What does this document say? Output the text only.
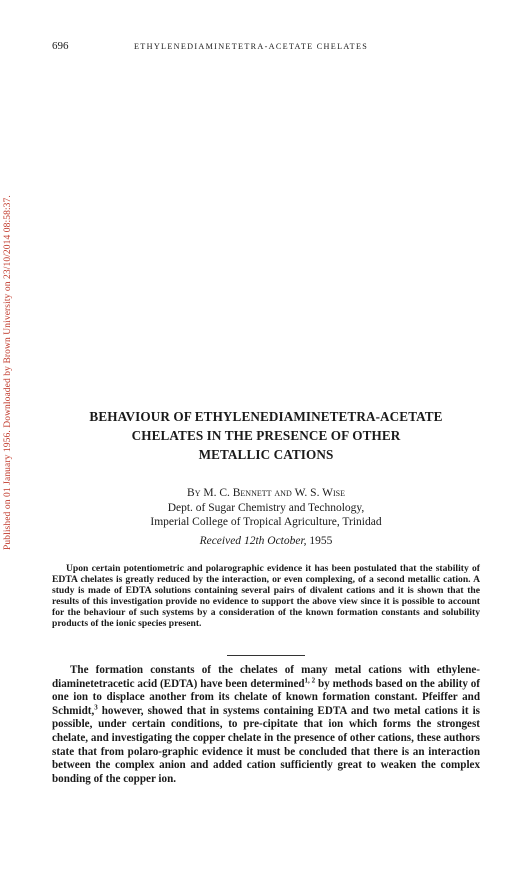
Published on 01 January 1956. Downloaded by Brown University on 23/10/2014 08:58:37.
696	ETHYLENEDIAMINETETRA-ACETATE CHELATES
BEHAVIOUR OF ETHYLENEDIAMINETETRA-ACETATE
CHELATES IN THE PRESENCE OF OTHER
METALLIC CATIONS
By M. C. Bennett and W. S. Wise
Dept. of Sugar Chemistry and Technology,
Imperial College of Tropical Agriculture, Trinidad
Received 12th October, 1955
Upon certain potentiometric and polarographic evidence it has been postulated that the stability of EDTA chelates is greatly reduced by the interaction, or even complexing, of a second metallic cation. A study is made of EDTA solutions containing several pairs of divalent cations and it is shown that the results of this investigation provide no evidence to support the above view since it is possible to account for the behaviour of such systems by a consideration of the known formation constants and solubility products of the ionic species present.
The formation constants of the chelates of many metal cations with ethylene-diaminetetracetic acid (EDTA) have been determined$^{1, 2}$ by methods based on the ability of one ion to displace another from its chelate of known formation constant. Pfeiffer and Schmidt,$^3$ however, showed that in systems containing EDTA and two metal cations it is possible, under certain conditions, to pre-cipitate that ion which forms the strongest chelate, and investigating the copper chelate in the presence of other cations, these authors state that from polaro-graphic evidence it must be concluded that there is an interaction between the complex anion and added cation sufficiently great to weaken the complex bonding of the copper ion.
